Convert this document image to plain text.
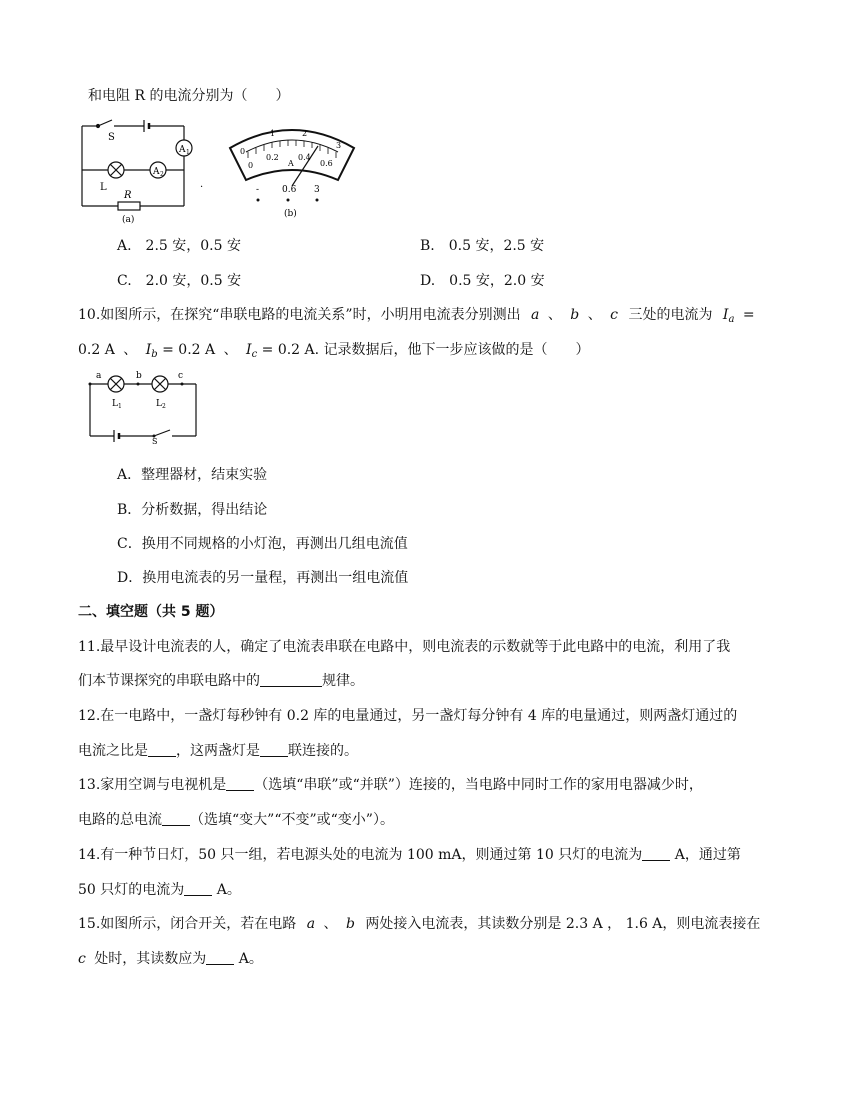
和电阻 R 的电流分别为（　　）
S
L
R
A 1
A 2
(a)
·
0
1	2
3
0
0.2 0.4
0.6
A
-	0.6 3
(b)
A.　2.5 安，0.5 安	B.　0.5 安，2.5 安
C.　2.0 安，0.5 安	D.　0.5 安，2.0 安
10.如图所示，在探究“串联电路的电流关系”时，小明用电流表分别测出 a 、 b 、 c 三处的电流为 $I_a$ =
0.2 A 、 $I_b = 0.2$ A 、 $I_c = 0.2$ A. 记录数据后，他下一步应该做的是（　　）
a	b	c
L 1	L 2
S
A．整理器材，结束实验
B．分析数据，得出结论
C．换用不同规格的小灯泡，再测出几组电流值
D．换用电流表的另一量程，再测出一组电流值
二、填空题（共 5 题）
11.最早设计电流表的人，确定了电流表串联在电路中，则电流表的示数就等于此电路中的电流，利用了我
们本节课探究的串联电路中的	规律。
12.在一电路中，一盏灯每秒钟有 0.2 库的电量通过，另一盏灯每分钟有 4 库的电量通过，则两盏灯通过的
电流之比是 ，这两盏灯是 联连接的。
13.家用空调与电视机是 （选填“串联”或“并联”）连接的，当电路中同时工作的家用电器减少时，
电路的总电流 （选填“变大”“不变”或“变小”）。
14.有一种节日灯，50 只一组，若电源头处的电流为 100 mA，则通过第 10 只灯的电流为 A，通过第
50 只灯的电流为 A。
15.如图所示，闭合开关，若在电路 a 、 b 两处接入电流表，其读数分别是 2.3 A ， 1.6 A，则电流表接在
c 处时，其读数应为 A。
